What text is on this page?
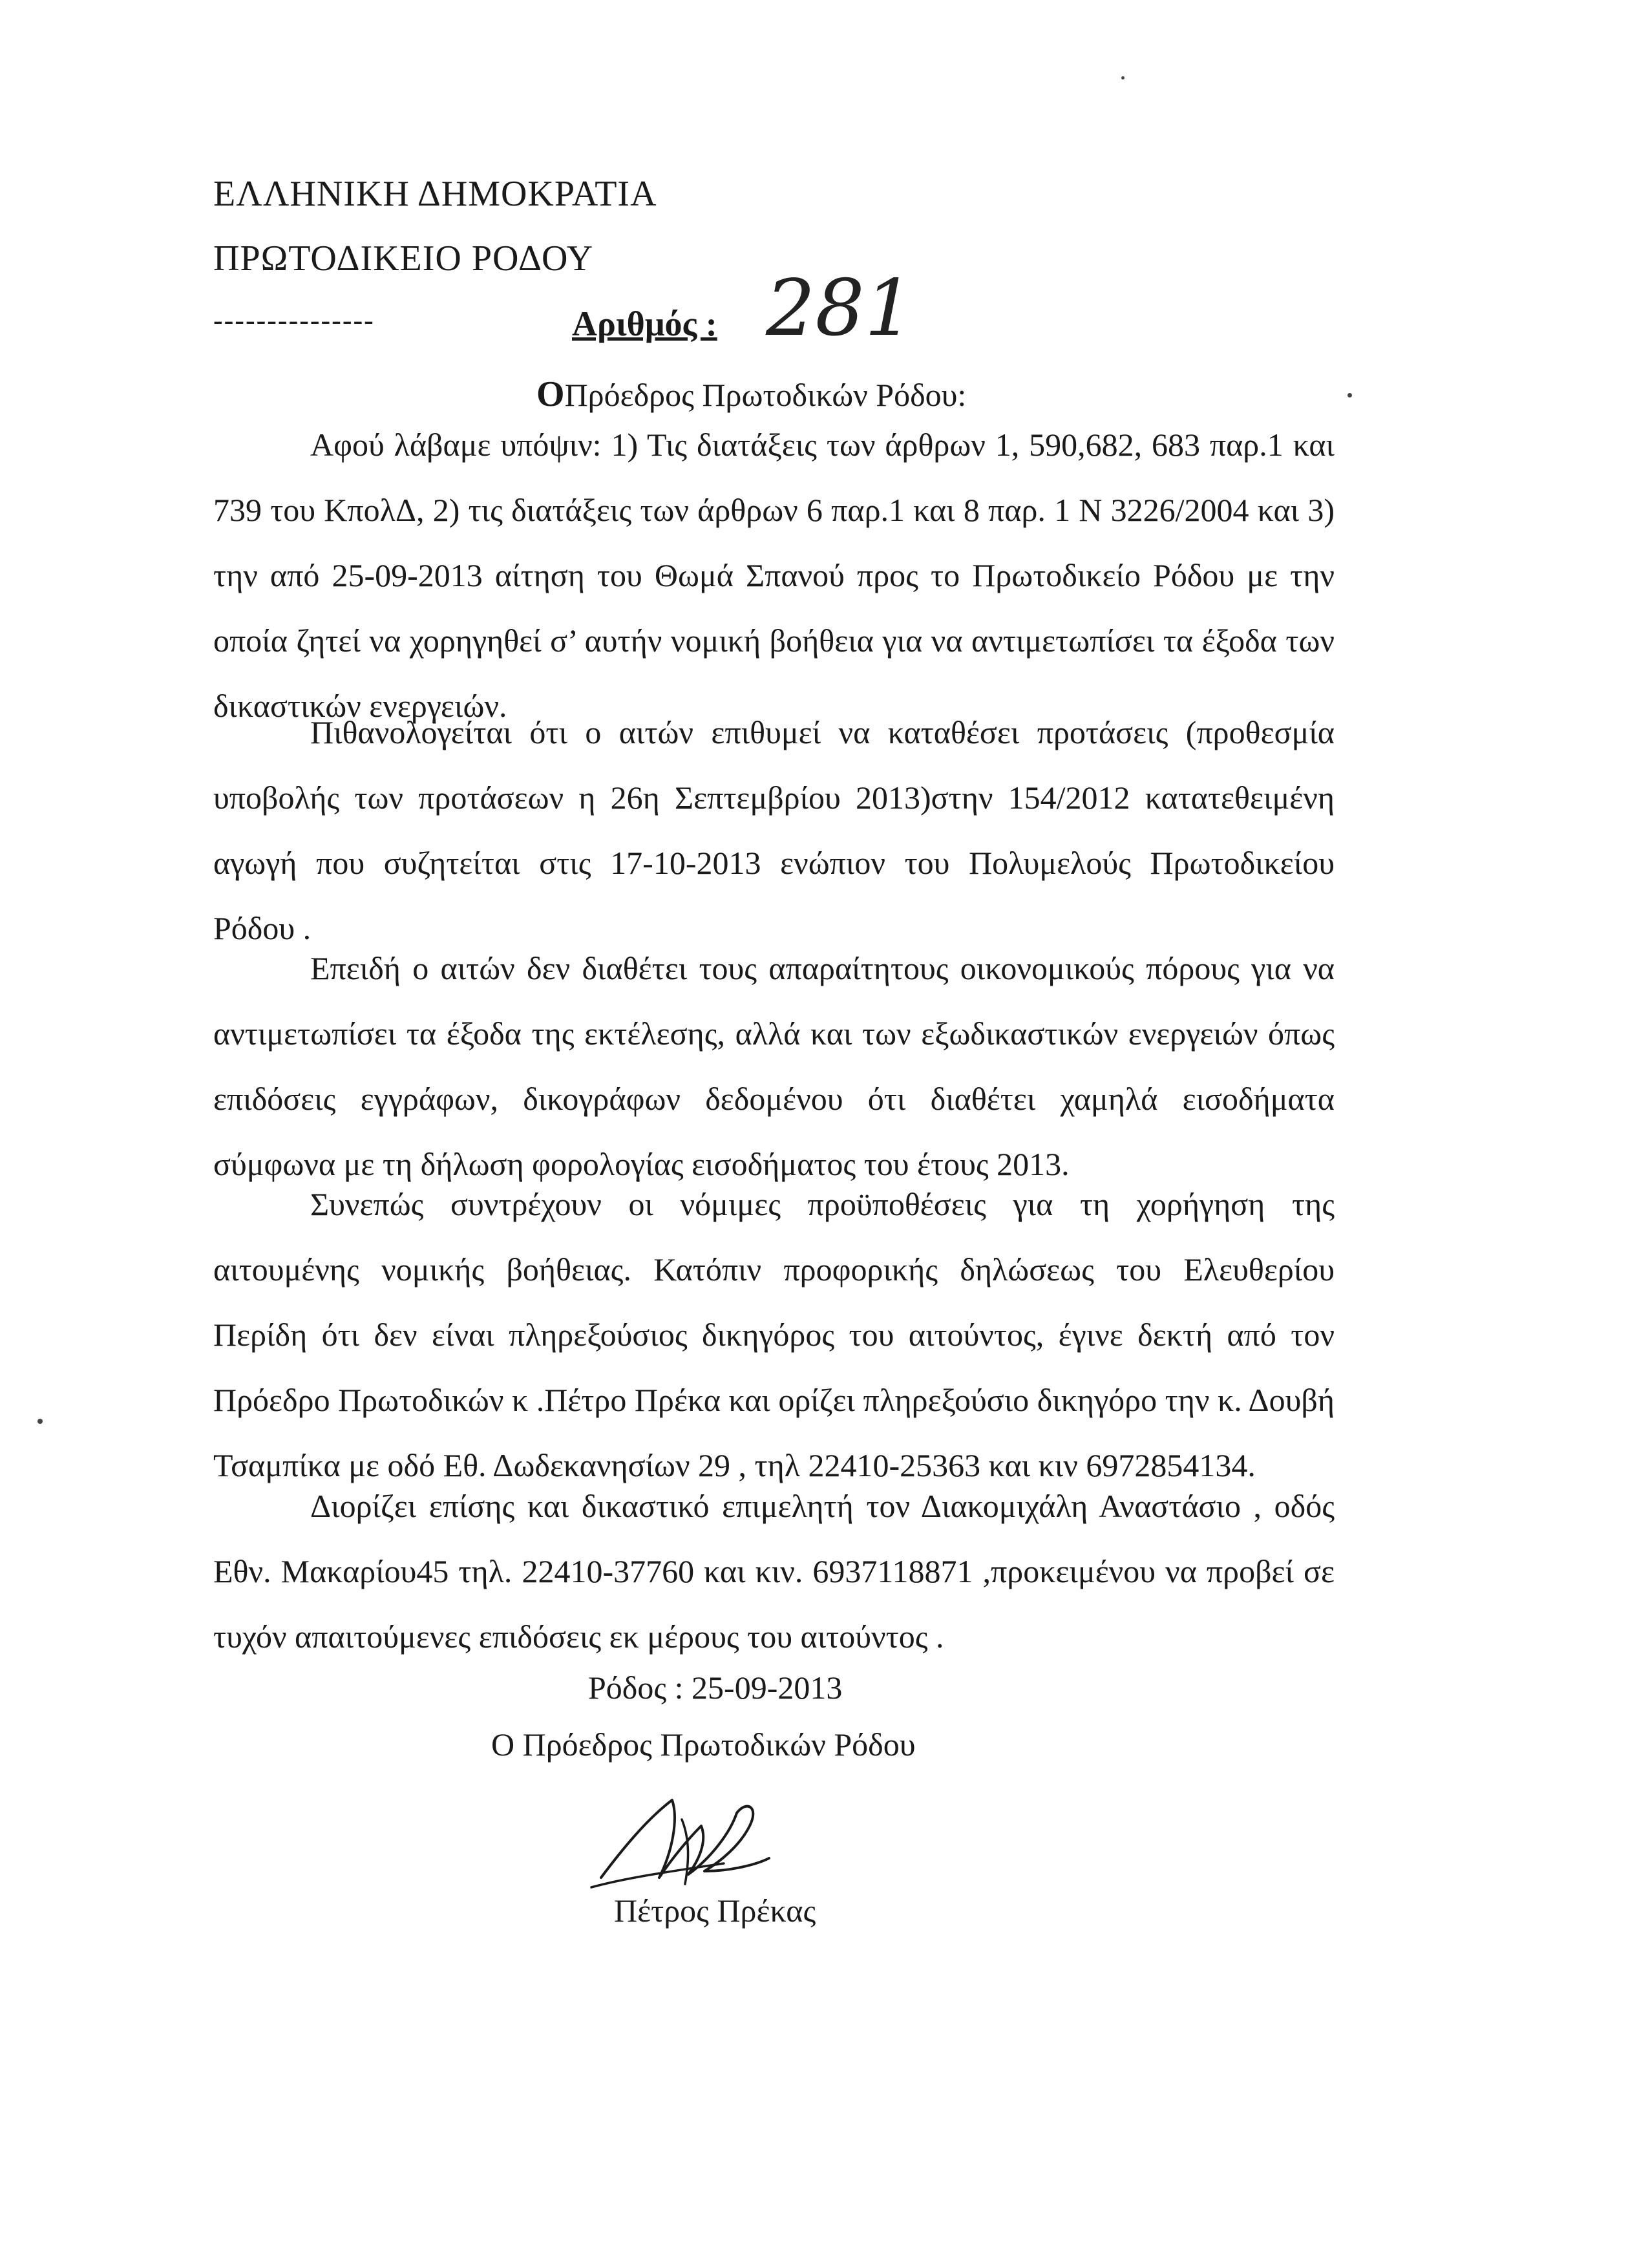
ΕΛΛΗΝΙΚΗ ΔΗΜΟΚΡΑΤΙΑ
ΠΡΩΤΟΔΙΚΕΙΟ ΡΟΔΟΥ
---------------	Αριθμός : 281
ΟΠρόεδρος Πρωτοδικών Ρόδου:

Αφού λάβαμε υπόψιν: 1) Τις διατάξεις των άρθρων 1, 590,682, 683 παρ.1 και 739 του ΚπολΔ, 2) τις διατάξεις των άρθρων 6 παρ.1 και 8 παρ. 1 Ν 3226/2004 και 3) την από 25-09-2013 αίτηση του Θωμά Σπανού προς το Πρωτοδικείο Ρόδου με την οποία ζητεί να χορηγηθεί σ’ αυτήν νομική βοήθεια για να αντιμετωπίσει τα έξοδα των δικαστικών ενεργειών.

Πιθανολογείται ότι ο αιτών επιθυμεί να καταθέσει προτάσεις (προθεσμία υποβολής των προτάσεων η 26η Σεπτεμβρίου 2013)στην 154/2012 κατατεθειμένη αγωγή που συζητείται στις 17-10-2013 ενώπιον του Πολυμελούς Πρωτοδικείου Ρόδου .

Επειδή ο αιτών δεν διαθέτει τους απαραίτητους οικονομικούς πόρους για να αντιμετωπίσει τα έξοδα της εκτέλεσης, αλλά και των εξωδικαστικών ενεργειών όπως επιδόσεις εγγράφων, δικογράφων δεδομένου ότι διαθέτει χαμηλά εισοδήματα σύμφωνα με τη δήλωση φορολογίας εισοδήματος του έτους 2013.

Συνεπώς συντρέχουν οι νόμιμες προϋποθέσεις για τη χορήγηση της αιτουμένης νομικής βοήθειας. Κατόπιν προφορικής δηλώσεως του Ελευθερίου Περίδη ότι δεν είναι πληρεξούσιος δικηγόρος του αιτούντος, έγινε δεκτή από τον Πρόεδρο Πρωτοδικών κ .Πέτρο Πρέκα και ορίζει πληρεξούσιο δικηγόρο την κ. Δουβή Τσαμπίκα με οδό Εθ. Δωδεκανησίων 29 , τηλ 22410-25363 και κιν 6972854134.

Διορίζει επίσης και δικαστικό επιμελητή τον Διακομιχάλη Αναστάσιο , οδός Εθν. Μακαρίου45 τηλ. 22410-37760 και κιν. 6937118871 ,προκειμένου να προβεί σε τυχόν απαιτούμενες επιδόσεις εκ μέρους του αιτούντος .

Ρόδος : 25-09-2013
Ο Πρόεδρος Πρωτοδικών Ρόδου
Πέτρος Πρέκας
